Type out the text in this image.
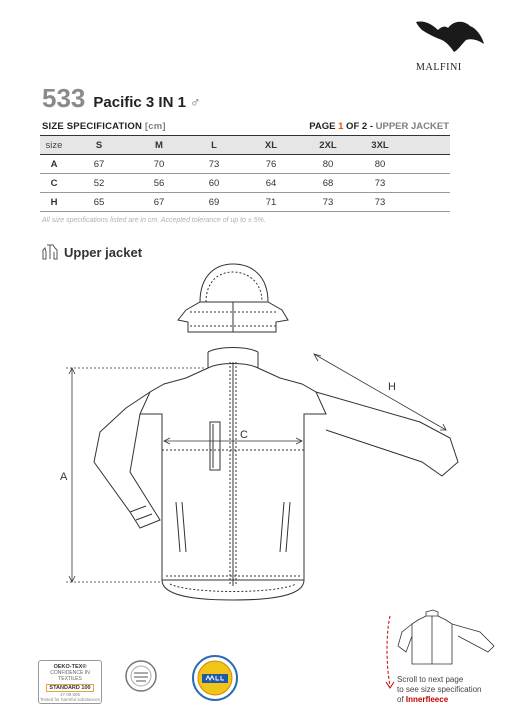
MALFINI
533 Pacific 3 IN 1 ♂
SIZE SPECIFICATION [cm]	PAGE 1 OF 2 - UPPER JACKET
size	S	M	L	XL	2XL	3XL
A	67	70	73	76	80	80
C	52	56	60	64	68	73
H	65	67	69	71	73	73
All size specifications listed are in cm. Accepted tolerance of up to ± 5%.
Upper jacket
A
C
H
OEKO-TEX®
CONFIDENCE IN TEXTILES
STANDARD 100
47 08 805
Tested for harmful substances
Scroll to next page
to see size specification
of Innerfleece
